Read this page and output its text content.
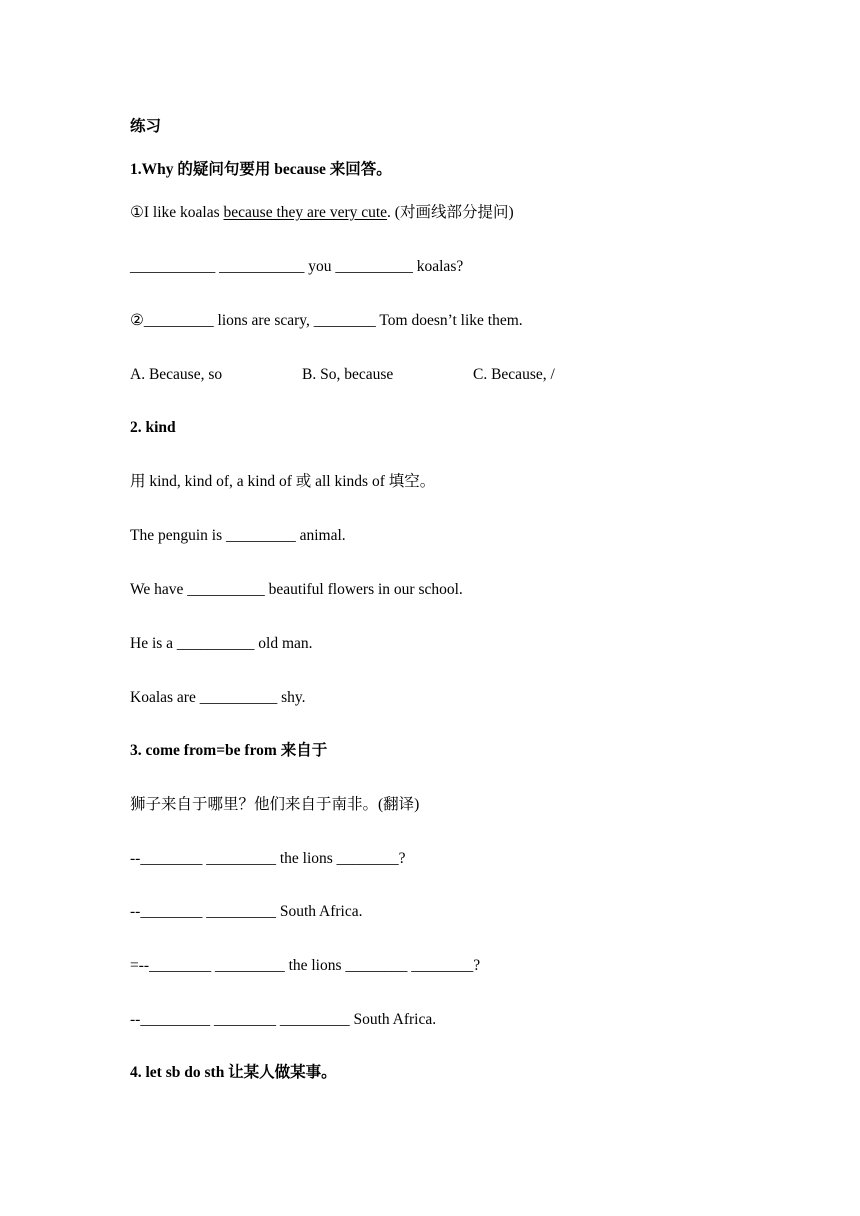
练习
1.Why 的疑问句要用 because 来回答。
①I like koalas because they are very cute. (对画线部分提问)
___________ ___________ you __________ koalas?
②_________ lions are scary, ________ Tom doesn’t like them.
A. Because, so	B. So, because	C. Because, /
2. kind
用 kind, kind of, a kind of 或 all kinds of 填空。
The penguin is _________ animal.
We have __________ beautiful flowers in our school.
He is a __________ old man.
Koalas are __________ shy.
3. come from=be from 来自于
狮子来自于哪里？他们来自于南非。(翻译)
--________ _________ the lions ________?
--________ _________ South Africa.
=--________ _________ the lions ________ ________?
--_________ ________ _________ South Africa.
4. let sb do sth 让某人做某事。
